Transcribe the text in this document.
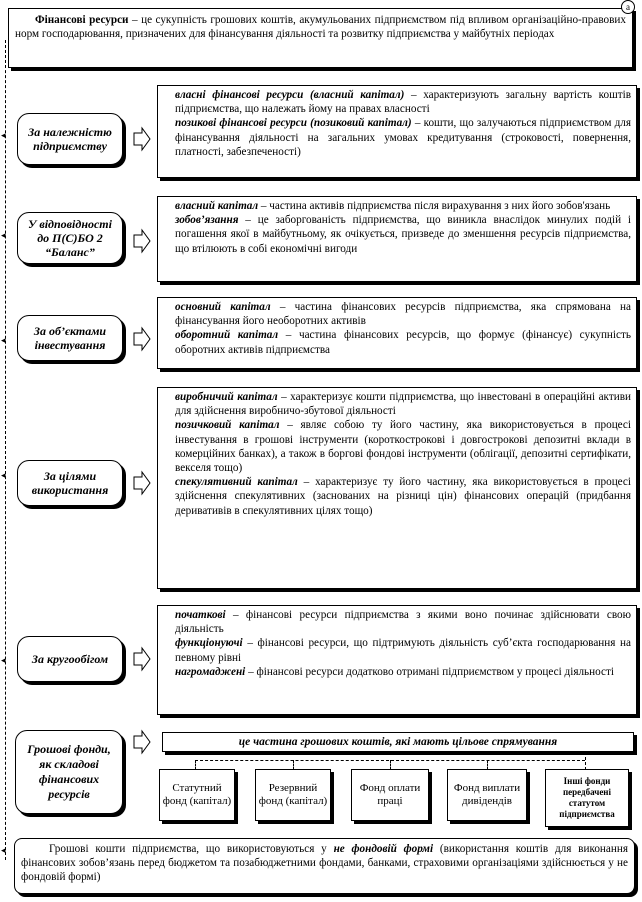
◂
◂
◂
◂
◂
◂
Фінансові ресурси – це сукупність грошових коштів, акумульованих підприємством під впливом організаційно-правових норм господарювання, призначених для фінансування діяльності та розвитку підприємства у майбутніх періодах
а
За належністю підприємству
власні фінансові ресурси (власний капітал) – характеризують загальну вартість коштів підприємства, що належать йому на правах власності
позикові фінансові ресурси (позиковий капітал) – кошти, що залучаються підприємством для фінансування діяльності на загальних умовах кредитування (строковості, повернення, платності, забезпеченості)
У відповідності до П(С)БО 2 “Баланс”
власний капітал – частина активів підприємства після вирахування з них його зобов'язань
зобов’язання – це заборгованість підприємства, що виникла внаслідок минулих подій і погашення якої в майбутньому, як очікується, призведе до зменшення ресурсів підприємства, що втілюють в собі економічні вигоди
За об’єктами інвестування
основний капітал – частина фінансових ресурсів підприємства, яка спрямована на фінансування його необоротних активів
оборотний капітал – частина фінансових ресурсів, що формує (фінансує) сукупність оборотних активів підприємства
За цілями використання
виробничий капітал – характеризує кошти підприємства, що інвестовані в операційні активи для здійснення виробничо-збутової діяльності
позичковий капітал – являє собою ту його частину, яка використовується в процесі інвестування в грошові інструменти (короткострокові і довгострокові депозитні вклади в комерційних банках), а також в боргові фондові інструменти (облігації, депозитні сертифікати, векселя тощо)
спекулятивний капітал – характеризує ту його частину, яка використовується в процесі здійснення спекулятивних (заснованих на різниці цін) фінансових операцій (придбання деривативів в спекулятивних цілях тощо)
За кругообігом
початкові – фінансові ресурси підприємства з якими воно починає здійснювати свою діяльність
функціонуючі – фінансові ресурси, що підтримують діяльність суб’єкта господарювання на певному рівні
нагромаджені – фінансові ресурси додатково отримані підприємством у процесі діяльності
Грошові фонди, як складові фінансових ресурсів
це частина грошових коштів, які мають цільове спрямування
Статутний фонд (капітал)
Резервний фонд (капітал)
Фонд оплати праці
Фонд виплати дивідендів
Інші фонди передбачені статутом підприємства
Грошові кошти підприємства, що використовуються у не фондовій формі (використання коштів для виконання фінансових зобов’язань перед бюджетом та позабюджетними фондами, банками, страховими організаціями здійснюється у не фондовій формі)
